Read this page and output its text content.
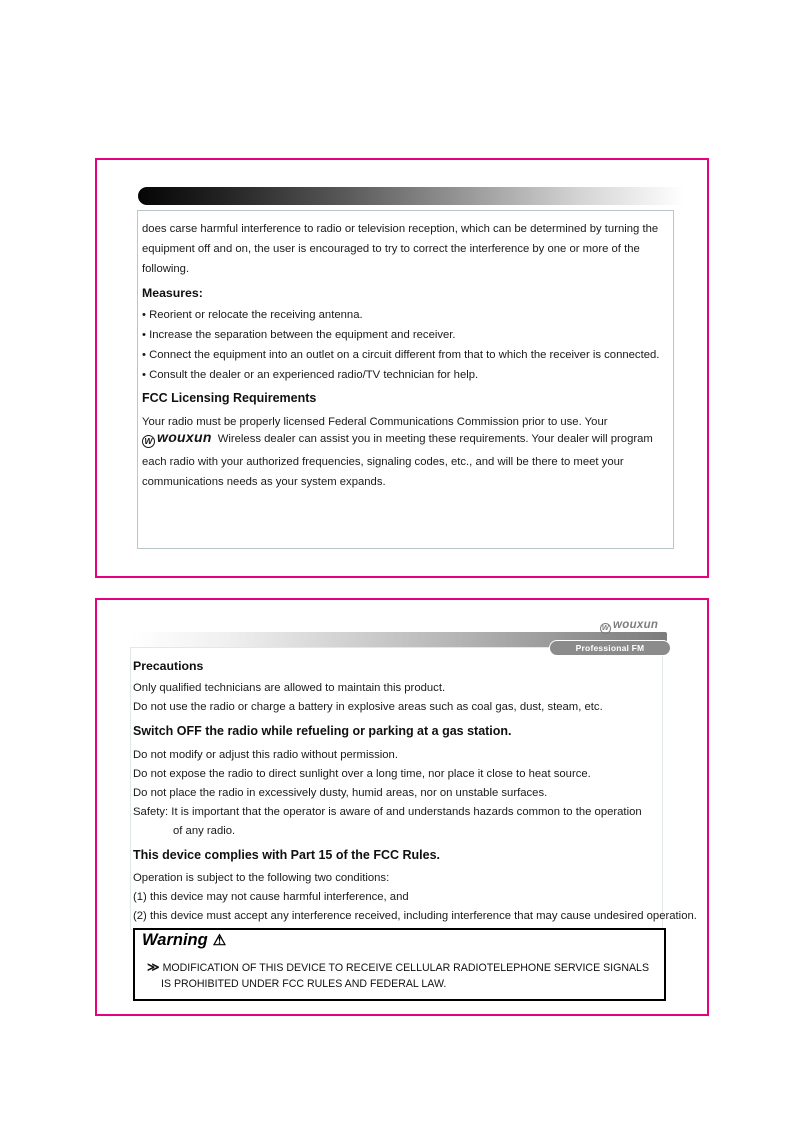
does carse harmful interference to radio or television reception, which can be determined by turning the
equipment off and on, the user is encouraged to try to correct the interference by one or more of the
following.
Measures:
• Reorient or relocate the receiving antenna.
• Increase the separation between the equipment and receiver.
• Connect the equipment into an outlet on a circuit different from that to which the receiver is connected.
• Consult the dealer or an experienced radio/TV technician for help.
FCC Licensing Requirements
Your radio must be properly licensed Federal Communications Commission prior to use. Your
W wouxun Wireless dealer can assist you in meeting these requirements. Your dealer will program
each radio with your authorized frequencies, signaling codes, etc., and will be there to meet your
communications needs as your system expands.
W wouxun
Professional FM Transceiver
Precautions
Only qualified technicians are allowed to maintain this product.
Do not use the radio or charge a battery in explosive areas such as coal gas, dust, steam, etc.
Switch OFF the radio while refueling or parking at a gas station.
Do not modify or adjust this radio without permission.
Do not expose the radio to direct sunlight over a long time, nor place it close to heat source.
Do not place the radio in excessively dusty, humid areas, nor on unstable surfaces.
Safety: It is important that the operator is aware of and understands hazards common to the operation
of any radio.
This device complies with Part 15 of the FCC Rules.
Operation is subject to the following two conditions:
(1) this device may not cause harmful interference, and
(2) this device must accept any interference received, including interference that may cause undesired operation.
Warning ⚠
≫ MODIFICATION OF THIS DEVICE TO RECEIVE CELLULAR RADIOTELEPHONE SERVICE SIGNALS
IS PROHIBITED UNDER FCC RULES AND FEDERAL LAW.
